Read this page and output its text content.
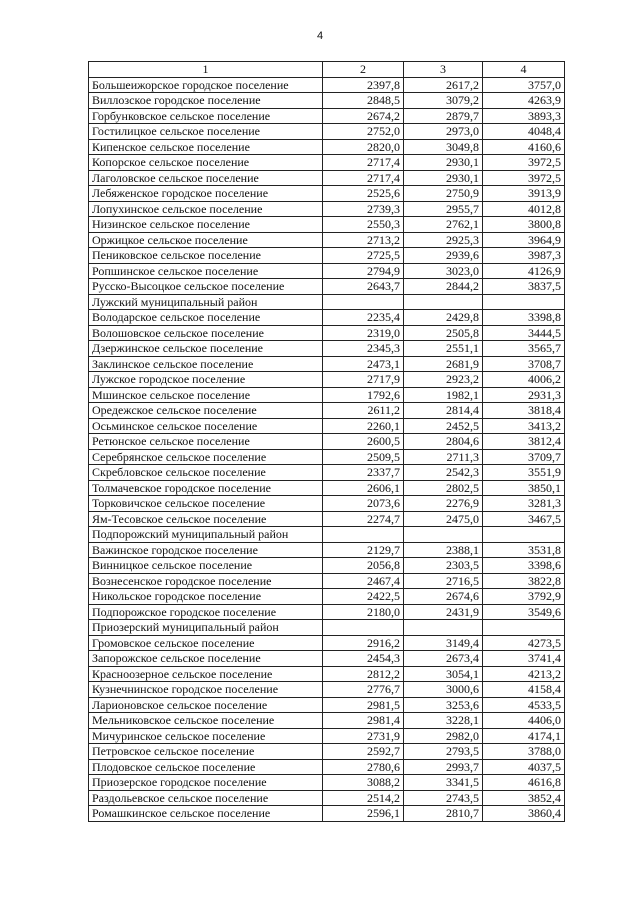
4
1	2	3	4
Большеижорское городское поселение	2397,8	2617,2	3757,0
Виллозское городское поселение	2848,5	3079,2	4263,9
Горбунковское сельское поселение	2674,2	2879,7	3893,3
Гостилицкое сельское поселение	2752,0	2973,0	4048,4
Кипенское сельское поселение	2820,0	3049,8	4160,6
Копорское сельское поселение	2717,4	2930,1	3972,5
Лаголовское сельское поселение	2717,4	2930,1	3972,5
Лебяженское городское поселение	2525,6	2750,9	3913,9
Лопухинское сельское поселение	2739,3	2955,7	4012,8
Низинское сельское поселение	2550,3	2762,1	3800,8
Оржицкое сельское поселение	2713,2	2925,3	3964,9
Пениковское сельское поселение	2725,5	2939,6	3987,3
Ропшинское сельское поселение	2794,9	3023,0	4126,9
Русско-Высоцкое сельское поселение	2643,7	2844,2	3837,5
Лужский муниципальный район			
Володарское сельское поселение	2235,4	2429,8	3398,8
Волошовское сельское поселение	2319,0	2505,8	3444,5
Дзержинское сельское поселение	2345,3	2551,1	3565,7
Заклинское сельское поселение	2473,1	2681,9	3708,7
Лужское городское поселение	2717,9	2923,2	4006,2
Мшинское сельское поселение	1792,6	1982,1	2931,3
Оредежское сельское поселение	2611,2	2814,4	3818,4
Осьминское сельское поселение	2260,1	2452,5	3413,2
Ретюнское сельское поселение	2600,5	2804,6	3812,4
Серебрянское сельское поселение	2509,5	2711,3	3709,7
Скребловское сельское поселение	2337,7	2542,3	3551,9
Толмачевское городское поселение	2606,1	2802,5	3850,1
Торковичское сельское поселение	2073,6	2276,9	3281,3
Ям-Тесовское сельское поселение	2274,7	2475,0	3467,5
Подпорожский муниципальный район			
Важинское городское поселение	2129,7	2388,1	3531,8
Винницкое сельское поселение	2056,8	2303,5	3398,6
Вознесенское городское поселение	2467,4	2716,5	3822,8
Никольское городское поселение	2422,5	2674,6	3792,9
Подпорожское городское поселение	2180,0	2431,9	3549,6
Приозерский муниципальный район			
Громовское сельское поселение	2916,2	3149,4	4273,5
Запорожское сельское поселение	2454,3	2673,4	3741,4
Красноозерное сельское поселение	2812,2	3054,1	4213,2
Кузнечнинское городское поселение	2776,7	3000,6	4158,4
Ларионовское сельское поселение	2981,5	3253,6	4533,5
Мельниковское сельское поселение	2981,4	3228,1	4406,0
Мичуринское сельское поселение	2731,9	2982,0	4174,1
Петровское сельское поселение	2592,7	2793,5	3788,0
Плодовское сельское поселение	2780,6	2993,7	4037,5
Приозерское городское поселение	3088,2	3341,5	4616,8
Раздольевское сельское поселение	2514,2	2743,5	3852,4
Ромашкинское сельское поселение	2596,1	2810,7	3860,4
